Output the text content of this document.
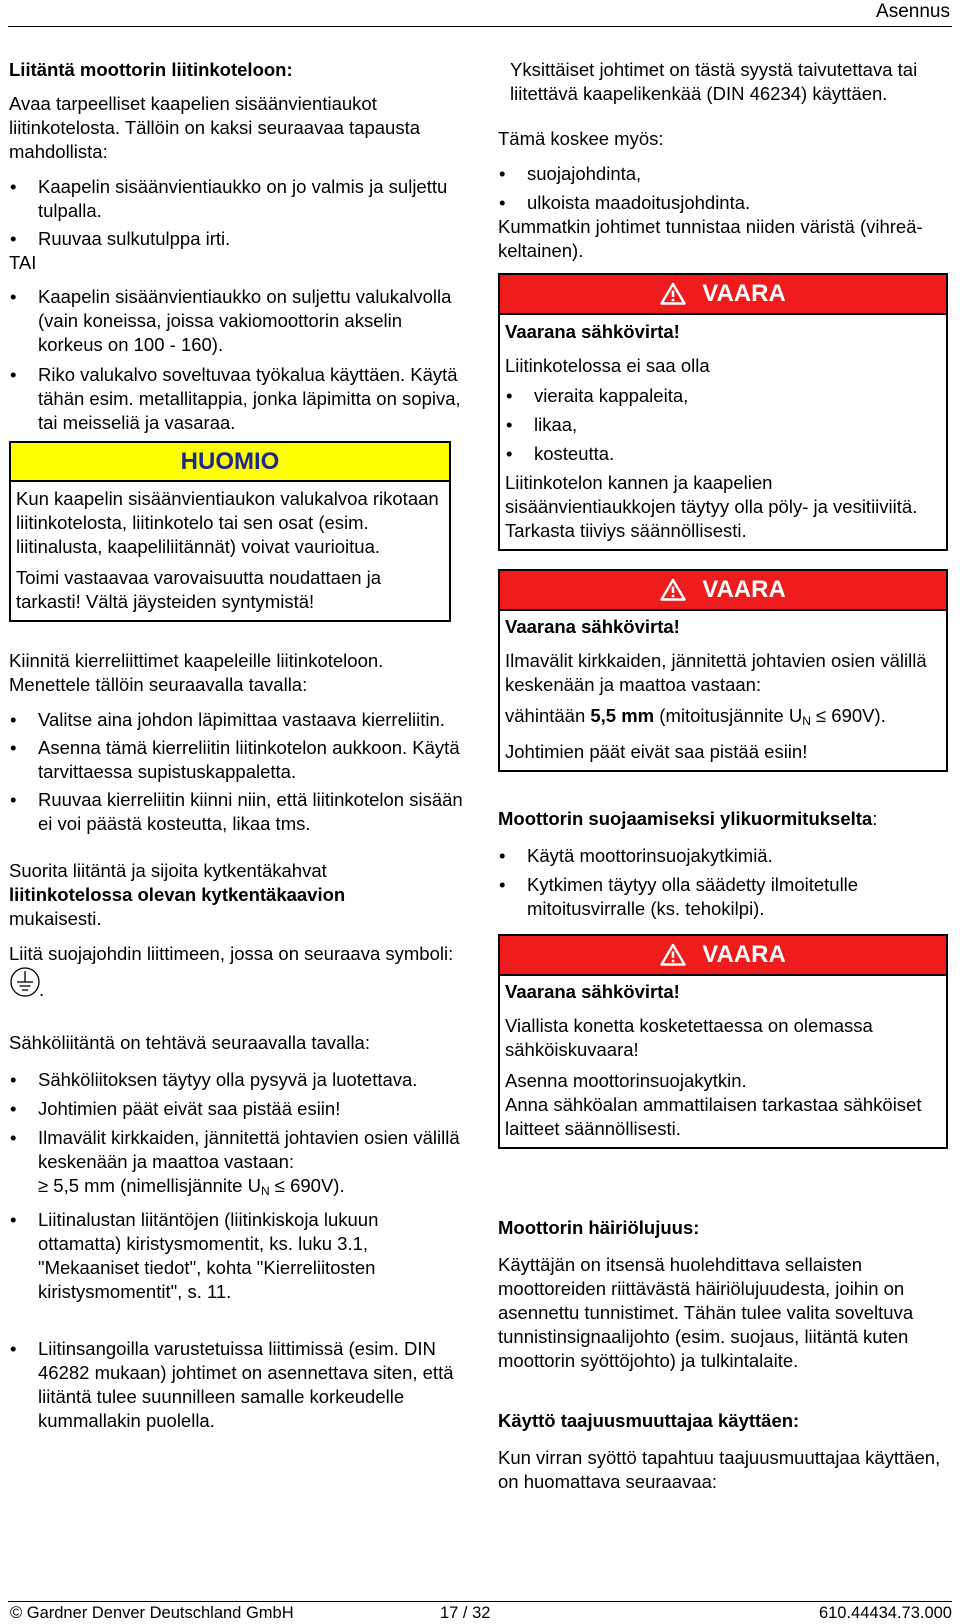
Asennus

Liitäntä moottorin liitinkoteloon:

Avaa tarpeelliset kaapelien sisäänvientiaukot liitinkotelosta. Tällöin on kaksi seuraavaa tapausta mahdollista:

• Kaapelin sisäänvientiaukko on jo valmis ja suljettu tulpalla.
• Ruuvaa sulkutulppa irti.

TAI

• Kaapelin sisäänvientiaukko on suljettu valukalvolla (vain koneissa, joissa vakiomoottorin akselin korkeus on 100 - 160).
• Riko valukalvo soveltuvaa työkalua käyttäen. Käytä tähän esim. metallitappia, jonka läpimitta on sopiva, tai meisseliä ja vasaraa.
HUOMIO

Kun kaapelin sisäänvientiaukon valukalvoa rikotaan liitinkotelosta, liitinkotelo tai sen osat (esim. liitinalusta, kaapeliliitännät) voivat vaurioitua.

Toimi vastaavaa varovaisuutta noudattaen ja tarkasti! Vältä jäysteiden syntymistä!

Kiinnitä kierreliittimet kaapeleille liitinkoteloon. Menettele tällöin seuraavalla tavalla:

• Valitse aina johdon läpimittaa vastaava kierreliitin.
• Asenna tämä kierreliitin liitinkotelon aukkoon. Käytä tarvittaessa supistuskappaletta.
• Ruuvaa kierreliitin kiinni niin, että liitinkotelon sisään ei voi päästä kosteutta, likaa tms.

Suorita liitäntä ja sijoita kytkentäkahvat
liitinkotelossa olevan kytkentäkaavion
mukaisesti.

Liitä suojajohdin liittimeen, jossa on seuraava symboli:

.

Sähköliitäntä on tehtävä seuraavalla tavalla:

• Sähköliitoksen täytyy olla pysyvä ja luotettava.
• Johtimien päät eivät saa pistää esiin!
• Ilmavälit kirkkaiden, jännitettä johtavien osien välillä keskenään ja maattoa vastaan:
≥ 5,5 mm (nimellisjännite $U_N \le 690V$).
• Liitinalustan liitäntöjen (liitinkiskoja lukuun ottamatta) kiristysmomentit, ks. luku 3.1, "Mekaaniset tiedot", kohta "Kierreliitosten kiristysmomentit", s. 11.
• Liitinsangoilla varustetuissa liittimissä (esim. DIN 46282 mukaan) johtimet on asennettava siten, että liitäntä tulee suunnilleen samalle korkeudelle kummallakin puolella.

Yksittäiset johtimet on tästä syystä taivutettava tai liitettävä kaapelikenkää (DIN 46234) käyttäen.

Tämä koskee myös:

• suojajohdinta,
• ulkoista maadoitusjohdinta.

Kummatkin johtimet tunnistaa niiden väristä (vihreä-keltainen).

VAARA

Vaarana sähkövirta!

Liitinkotelossa ei saa olla

• vieraita kappaleita,
• likaa,
• kosteutta.

Liitinkotelon kannen ja kaapelien sisäänvientiaukkojen täytyy olla pöly- ja vesitiiviitä. Tarkasta tiiviys säännöllisesti.

VAARA

Vaarana sähkövirta!

Ilmavälit kirkkaiden, jännitettä johtavien osien välillä keskenään ja maattoa vastaan:

vähintään 5,5 mm (mitoitusjännite $U_N \le 690V$).

Johtimien päät eivät saa pistää esiin!

Moottorin suojaamiseksi ylikuormitukselta:

• Käytä moottorinsuojakytkimiä.
• Kytkimen täytyy olla säädetty ilmoitetulle mitoitusvirralle (ks. tehokilpi).
VAARA

Vaarana sähkövirta!

Viallista konetta kosketettaessa on olemassa sähköiskuvaara!

Asenna moottorinsuojakytkin.

Anna sähköalan ammattilaisen tarkastaa sähköiset laitteet säännöllisesti.

Moottorin häiriölujuus:

Käyttäjän on itsensä huolehdittava sellaisten moottoreiden riittävästä häiriölujuudesta, joihin on asennettu tunnistimet. Tähän tulee valita soveltuva tunnistinsignaalijohto (esim. suojaus, liitäntä kuten moottorin syöttöjohto) ja tulkintalaite.

Käyttö taajuusmuuttajaa käyttäen:

Kun virran syöttö tapahtuu taajuusmuuttajaa käyttäen, on huomattava seuraavaa:

© Gardner Denver Deutschland GmbH	17 / 32	610.44434.73.000
